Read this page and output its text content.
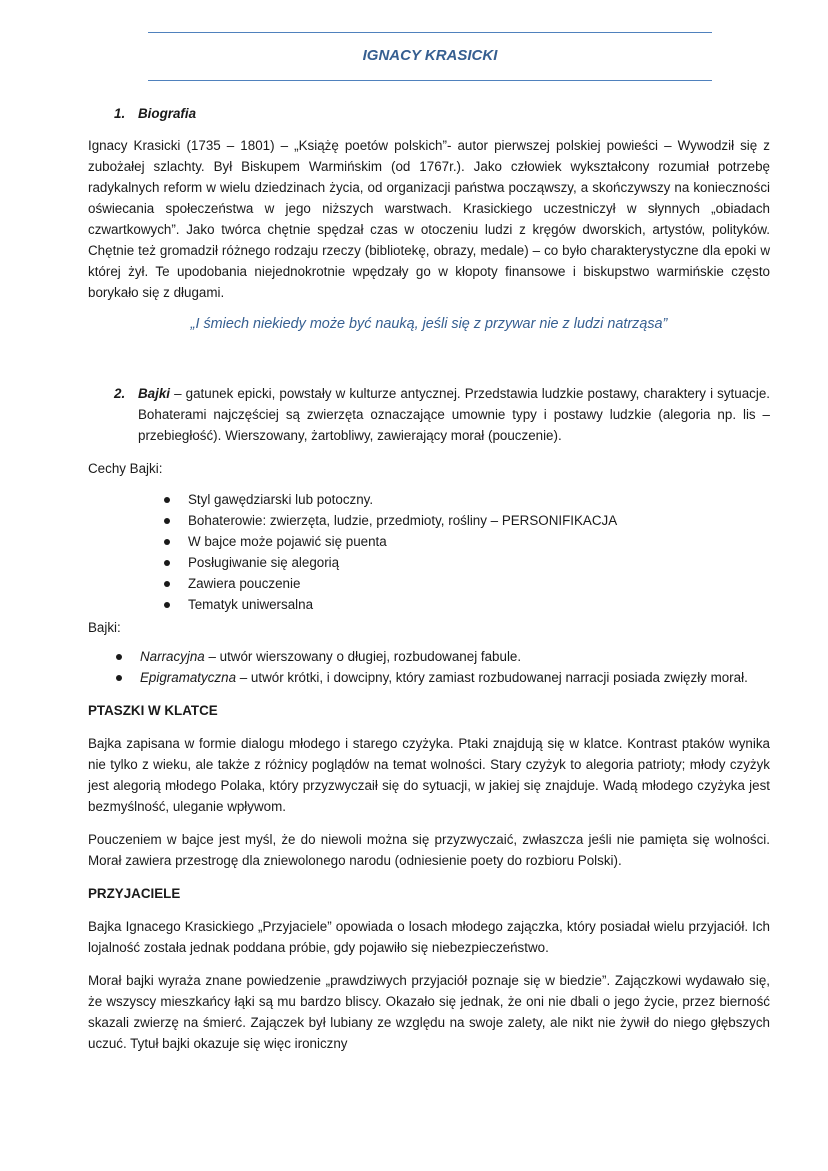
IGNACY KRASICKI
1. Biografia

Ignacy Krasicki (1735 – 1801) – „Książę poetów polskich”- autor pierwszej polskiej powieści – Wywodził się z zubożałej szlachty. Był Biskupem Warmińskim (od 1767r.). Jako człowiek wykształcony rozumiał potrzebę radykalnych reform w wielu dziedzinach życia, od organizacji państwa począwszy, a skończywszy na konieczności oświecania społeczeństwa w jego niższych warstwach. Krasickiego uczestniczył w słynnych „obiadach czwartkowych”. Jako twórca chętnie spędzał czas w otoczeniu ludzi z kręgów dworskich, artystów, polityków. Chętnie też gromadził różnego rodzaju rzeczy (bibliotekę, obrazy, medale) – co było charakterystyczne dla epoki w której żył. Te upodobania niejednokrotnie wpędzały go w kłopoty finansowe i biskupstwo warmińskie często borykało się z długami.

„I śmiech niekiedy może być nauką, jeśli się z przywar nie z ludzi natrząsa”
2. Bajki – gatunek epicki, powstały w kulturze antycznej. Przedstawia ludzkie postawy, charaktery i sytuacje. Bohaterami najczęściej są zwierzęta oznaczające umownie typy i postawy ludzkie (alegoria np. lis – przebiegłość). Wierszowany, żartobliwy, zawierający morał (pouczenie).

Cechy Bajki:
Styl gawędziarski lub potoczny.
Bohaterowie: zwierzęta, ludzie, przedmioty, rośliny – PERSONIFIKACJA
W bajce może pojawić się puenta
Posługiwanie się alegorią
Zawiera pouczenie
Tematyk uniwersalna
Bajki:
Narracyjna – utwór wierszowany o długiej, rozbudowanej fabule.
Epigramatyczna – utwór krótki, i dowcipny, który zamiast rozbudowanej narracji posiada zwięzły morał.
PTASZKI W KLATCE

Bajka zapisana w formie dialogu młodego i starego czyżyka. Ptaki znajdują się w klatce. Kontrast ptaków wynika nie tylko z wieku, ale także z różnicy poglądów na temat wolności. Stary czyżyk to alegoria patrioty; młody czyżyk jest alegorią młodego Polaka, który przyzwyczaił się do sytuacji, w jakiej się znajduje. Wadą młodego czyżyka jest bezmyślność, uleganie wpływom.

Pouczeniem w bajce jest myśl, że do niewoli można się przyzwyczaić, zwłaszcza jeśli nie pamięta się wolności. Morał zawiera przestrogę dla zniewolonego narodu (odniesienie poety do rozbioru Polski).

PRZYJACIELE

Bajka Ignacego Krasickiego „Przyjaciele” opowiada o losach młodego zajączka, który posiadał wielu przyjaciół. Ich lojalność została jednak poddana próbie, gdy pojawiło się niebezpieczeństwo.

Morał bajki wyraża znane powiedzenie „prawdziwych przyjaciół poznaje się w biedzie”. Zajączkowi wydawało się, że wszyscy mieszkańcy łąki są mu bardzo bliscy. Okazało się jednak, że oni nie dbali o jego życie, przez bierność skazali zwierzę na śmierć. Zajączek był lubiany ze względu na swoje zalety, ale nikt nie żywił do niego głębszych uczuć. Tytuł bajki okazuje się więc ironiczny
